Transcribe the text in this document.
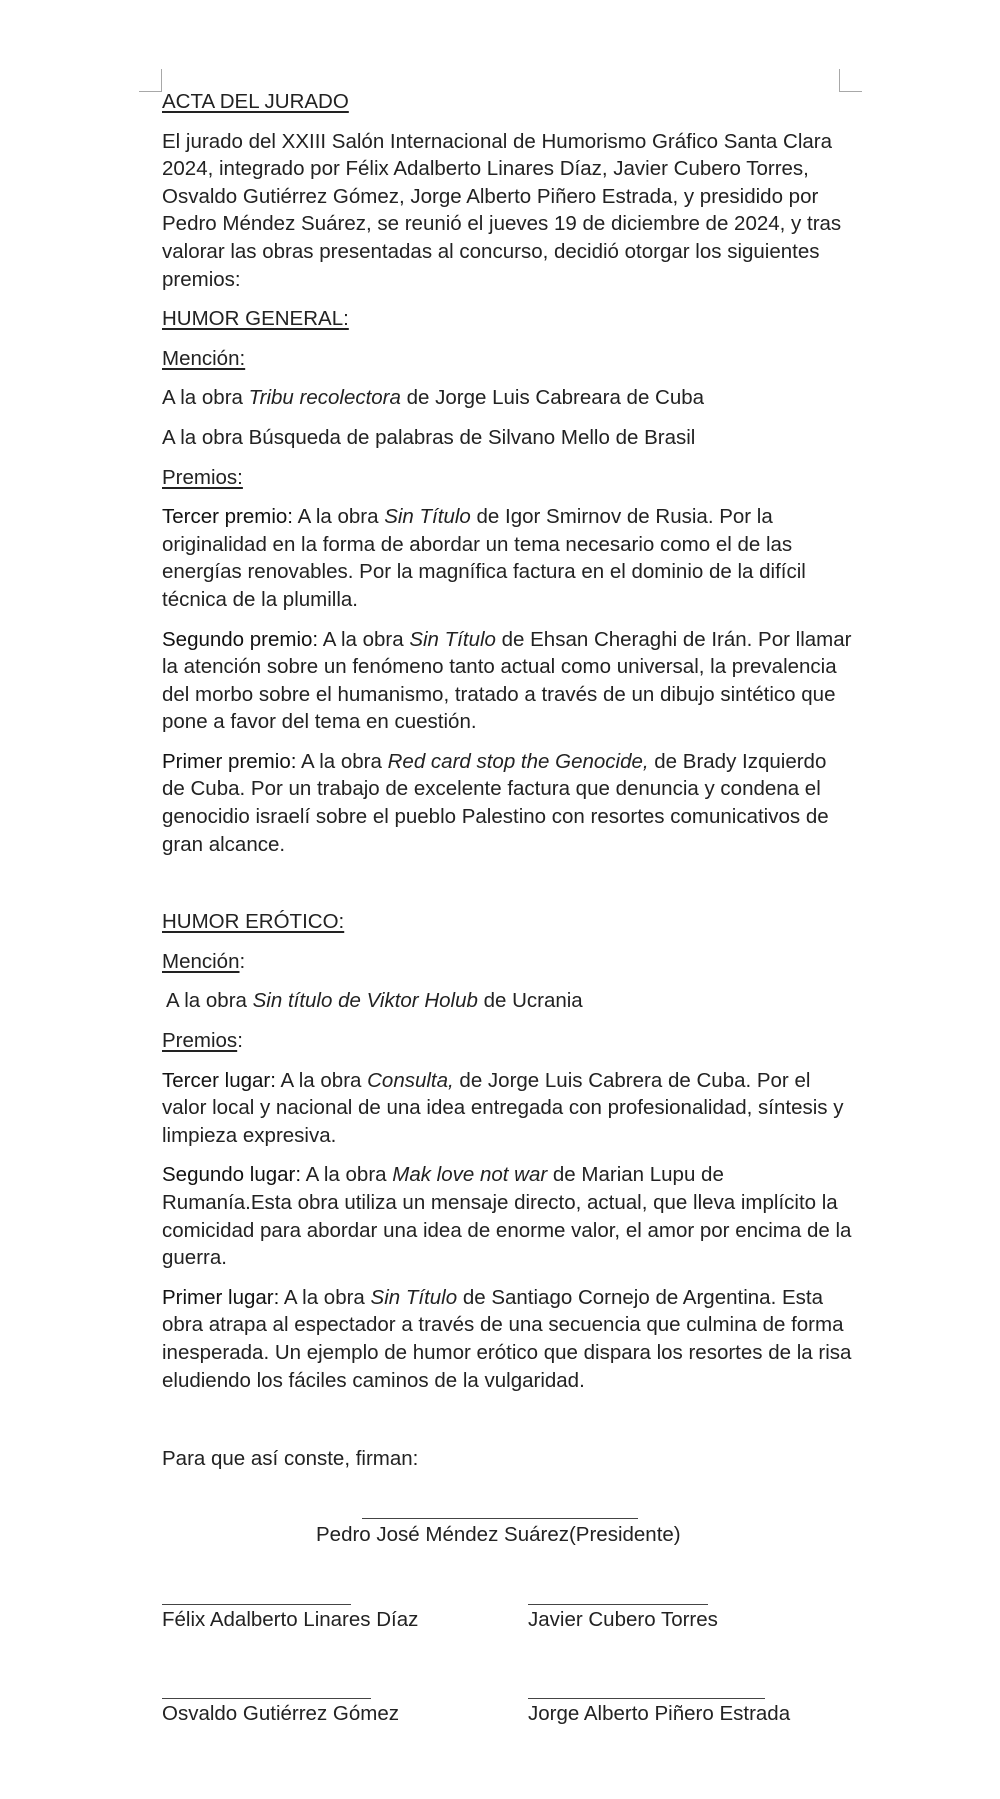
ACTA DEL JURADO

El jurado del XXIII Salón Internacional de Humorismo Gráfico Santa Clara 2024, integrado por Félix Adalberto Linares Díaz, Javier Cubero Torres, Osvaldo Gutiérrez Gómez, Jorge Alberto Piñero Estrada, y presidido por Pedro Méndez Suárez, se reunió el jueves 19 de diciembre de 2024, y tras valorar las obras presentadas al concurso, decidió otorgar los siguientes premios:

HUMOR GENERAL:

Mención:

A la obra Tribu recolectora de Jorge Luis Cabreara de Cuba

A la obra Búsqueda de palabras de Silvano Mello de Brasil

Premios:

Tercer premio: A la obra Sin Título de Igor Smirnov de Rusia. Por la originalidad en la forma de abordar un tema necesario como el de las energías renovables. Por la magnífica factura en el dominio de la difícil técnica de la plumilla.

Segundo premio: A la obra Sin Título de Ehsan Cheraghi de Irán. Por llamar la atención sobre un fenómeno tanto actual como universal, la prevalencia del morbo sobre el humanismo, tratado a través de un dibujo sintético que pone a favor del tema en cuestión.

Primer premio: A la obra Red card stop the Genocide, de Brady Izquierdo de Cuba. Por un trabajo de excelente factura que denuncia y condena el genocidio israelí sobre el pueblo Palestino con resortes comunicativos de gran alcance.

HUMOR ERÓTICO:

Mención:

A la obra Sin título de Viktor Holub de Ucrania

Premios:

Tercer lugar: A la obra Consulta, de Jorge Luis Cabrera de Cuba. Por el valor local y nacional de una idea entregada con profesionalidad, síntesis y limpieza expresiva.

Segundo lugar: A la obra Mak love not war de Marian Lupu de Rumanía.Esta obra utiliza un mensaje directo, actual, que lleva implícito la comicidad para abordar una idea de enorme valor, el amor por encima de la guerra.

Primer lugar: A la obra Sin Título de Santiago Cornejo de Argentina. Esta obra atrapa al espectador a través de una secuencia que culmina de forma inesperada. Un ejemplo de humor erótico que dispara los resortes de la risa eludiendo los fáciles caminos de la vulgaridad.

Para que así conste, firman:
Pedro José Méndez Suárez(Presidente)
Félix Adalberto Linares Díaz	Javier Cubero Torres
Osvaldo Gutiérrez Gómez	Jorge Alberto Piñero Estrada
